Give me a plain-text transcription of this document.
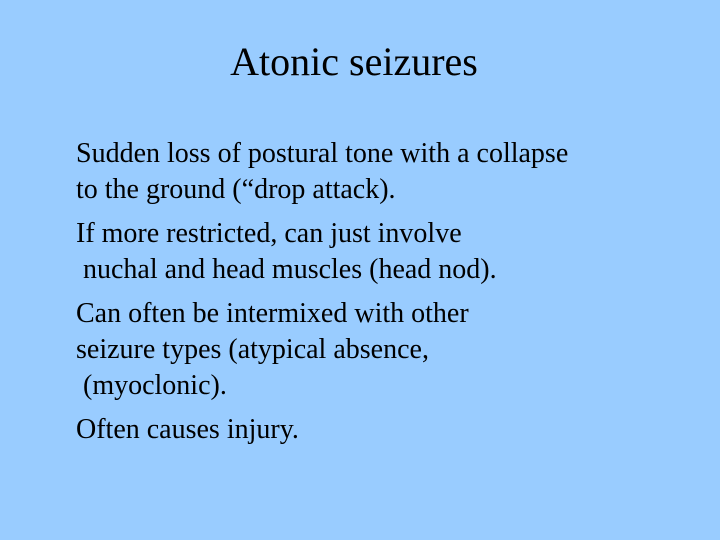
Atonic seizures
Sudden loss of postural tone with a collapse
to the ground (“drop attack).
If more restricted, can just involve
nuchal and head muscles (head nod).
Can often be intermixed with other
seizure types (atypical absence,
(myoclonic).
Often causes injury.
